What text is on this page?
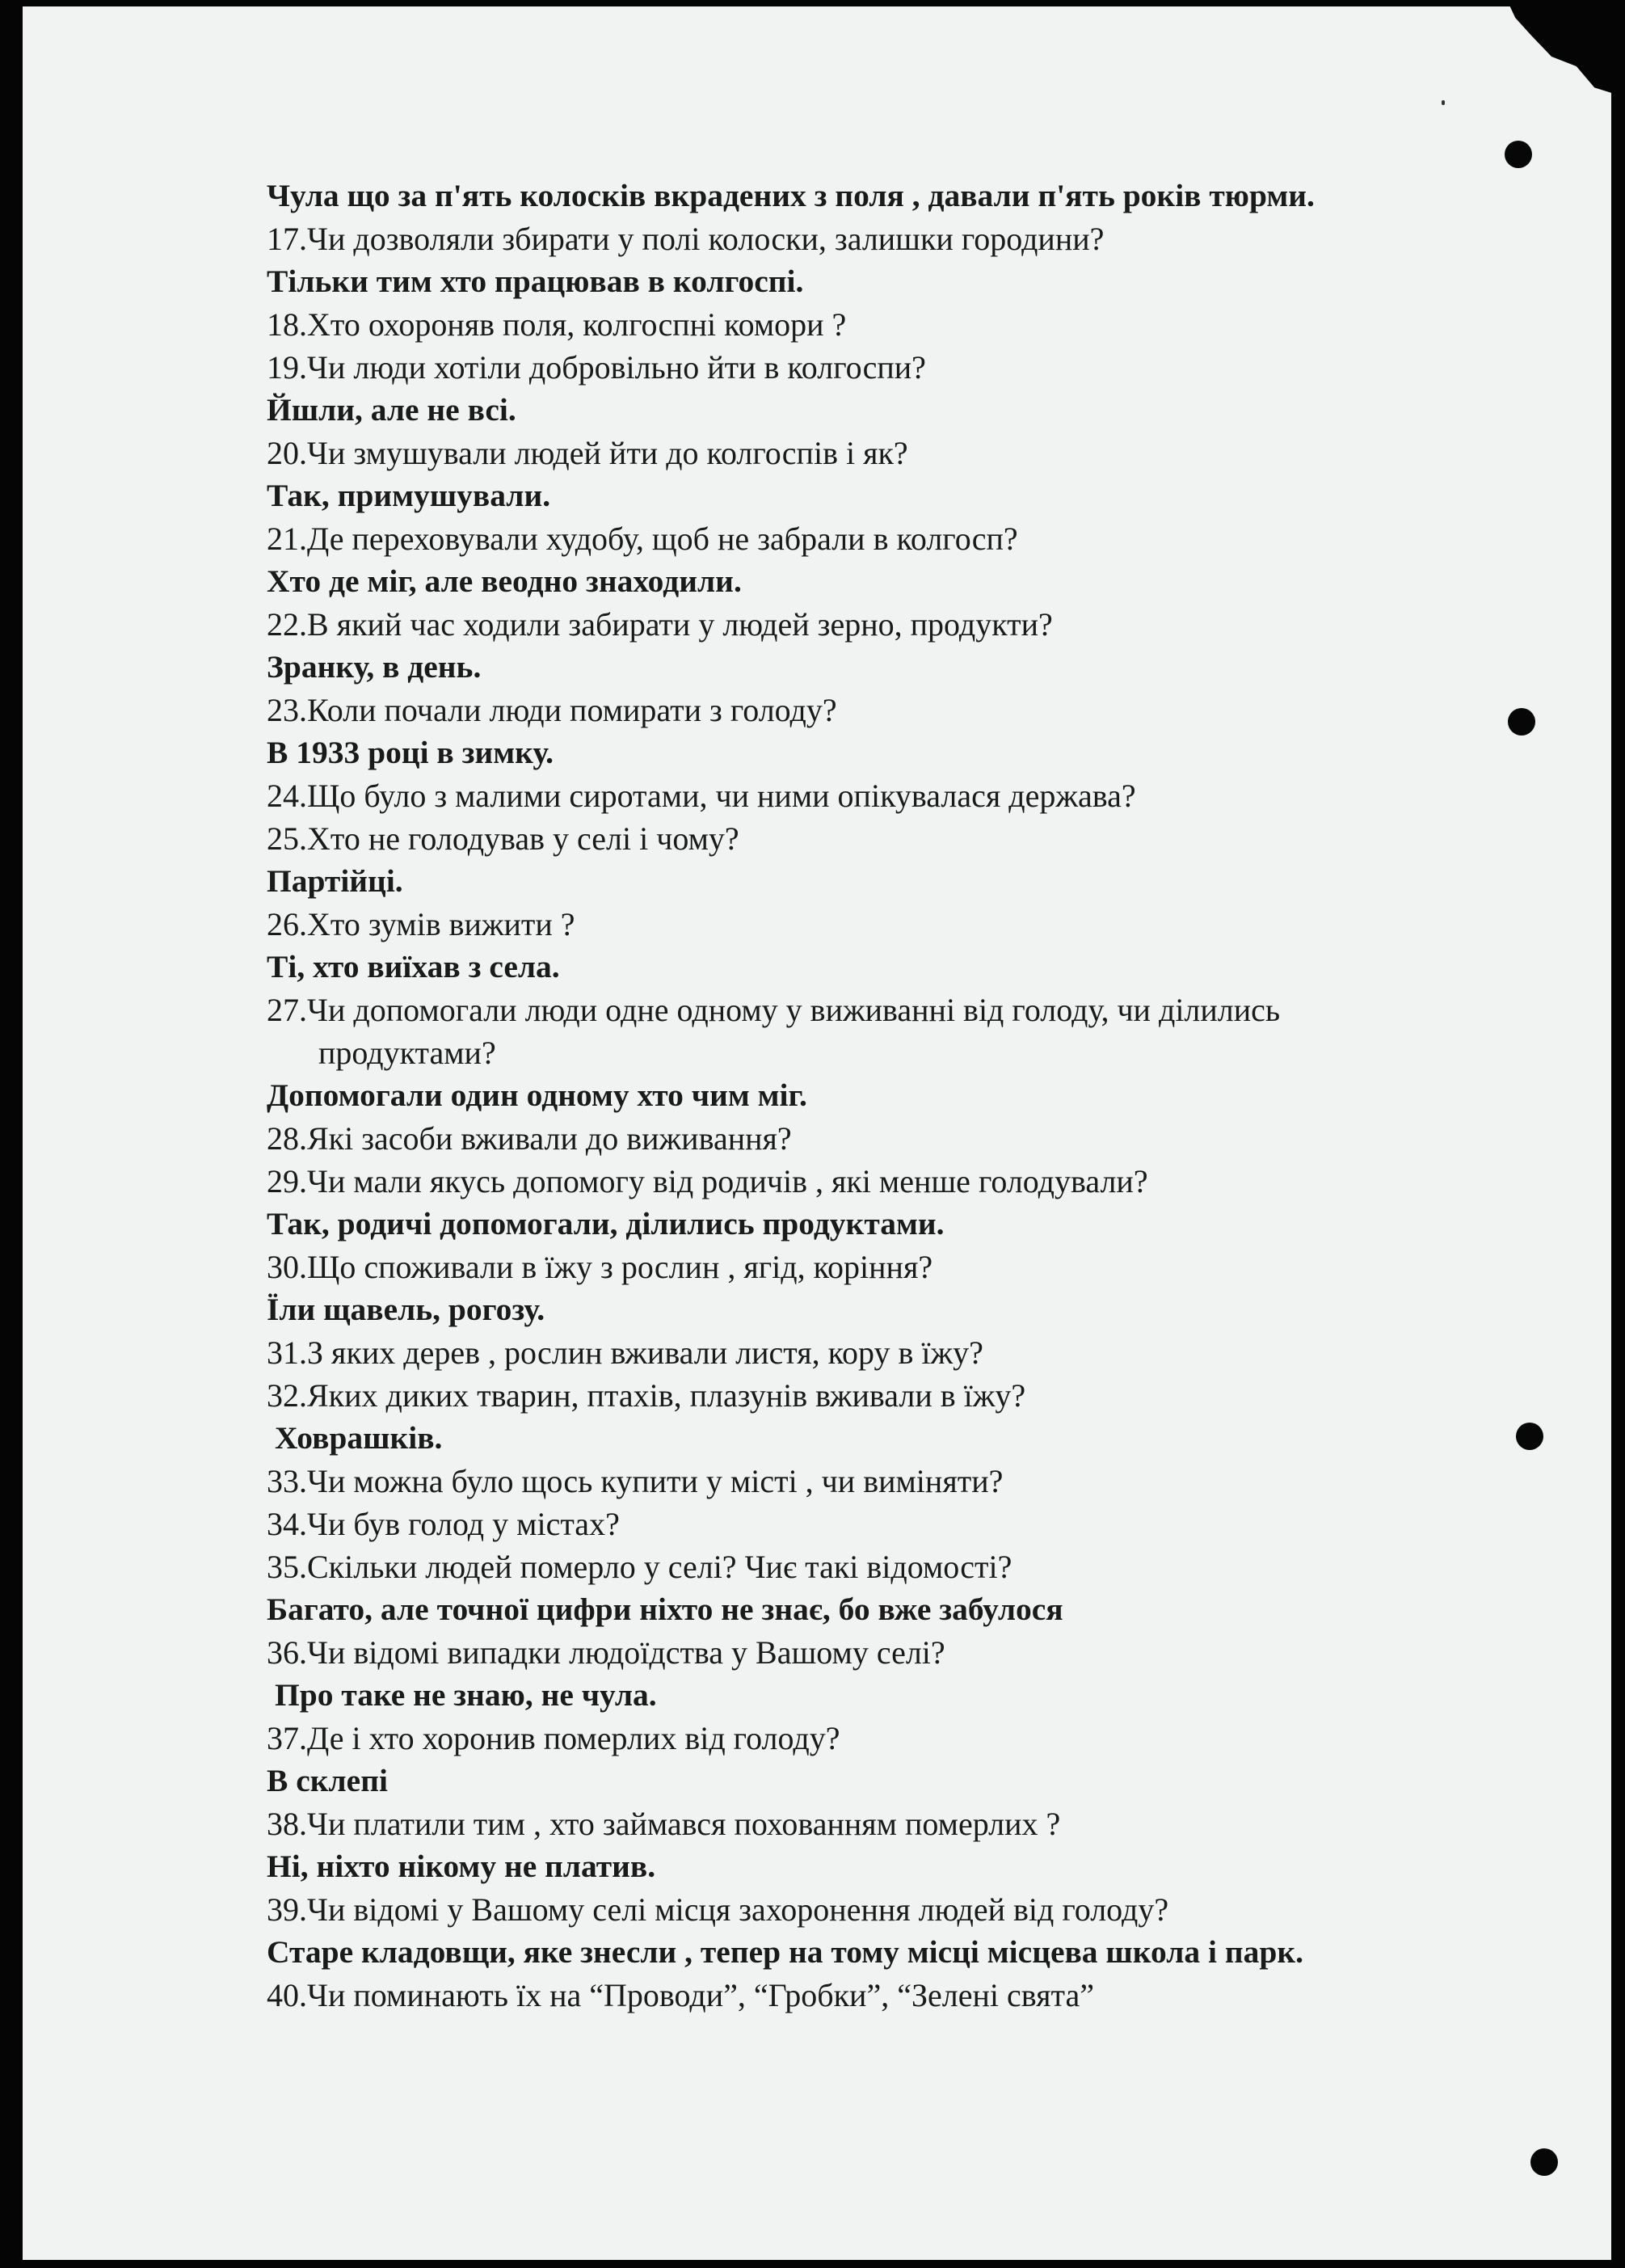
Чула що за п'ять колосків вкрадених з поля , давали п'ять років тюрми.
17.Чи дозволяли збирати у полі колоски, залишки городини?
Тільки тим хто працював в колгоспі.
18.Хто охороняв поля, колгоспні комори ?
19.Чи люди хотіли добровільно йти в колгоспи?
Йшли, але не всі.
20.Чи змушували людей йти до колгоспів і як?
Так, примушували.
21.Де переховували худобу, щоб не забрали в колгосп?
Хто де міг, але веодно знаходили.
22.В який час ходили забирати у людей зерно, продукти?
Зранку, в день.
23.Коли почали люди помирати з голоду?
В 1933 році в зимку.
24.Що було з малими сиротами, чи ними опікувалася держава?
25.Хто не голодував у селі і чому?
Партійці.
26.Хто зумів вижити ?
Ті, хто виїхав з села.
27.Чи допомогали люди одне одному у виживанні від голоду, чи ділились
продуктами?
Допомогали один одному хто чим міг.
28.Які засоби вживали до виживання?
29.Чи мали якусь допомогу від родичів , які менше голодували?
Так, родичі допомогали, ділились продуктами.
30.Що споживали в їжу з рослин , ягід, коріння?
Їли щавель, рогозу.
31.З яких дерев , рослин вживали листя, кору в їжу?
32.Яких диких тварин, птахів, плазунів вживали в їжу?
Ховрашків.
33.Чи можна було щось купити у місті , чи виміняти?
34.Чи був голод у містах?
35.Скільки людей померло у селі? Чиє такі відомості?
Багато, але точної цифри ніхто не знає, бо вже забулося
36.Чи відомі випадки людоїдства у Вашому селі?
Про таке не знаю, не чула.
37.Де і хто хоронив померлих від голоду?
В склепі
38.Чи платили тим , хто займався похованням померлих ?
Ні, ніхто нікому не платив.
39.Чи відомі у Вашому селі місця захоронення людей від голоду?
Старе кладовщи, яке знесли , тепер на тому місці місцева школа і парк.
40.Чи поминають їх на “Проводи”, “Гробки”, “Зелені свята”
